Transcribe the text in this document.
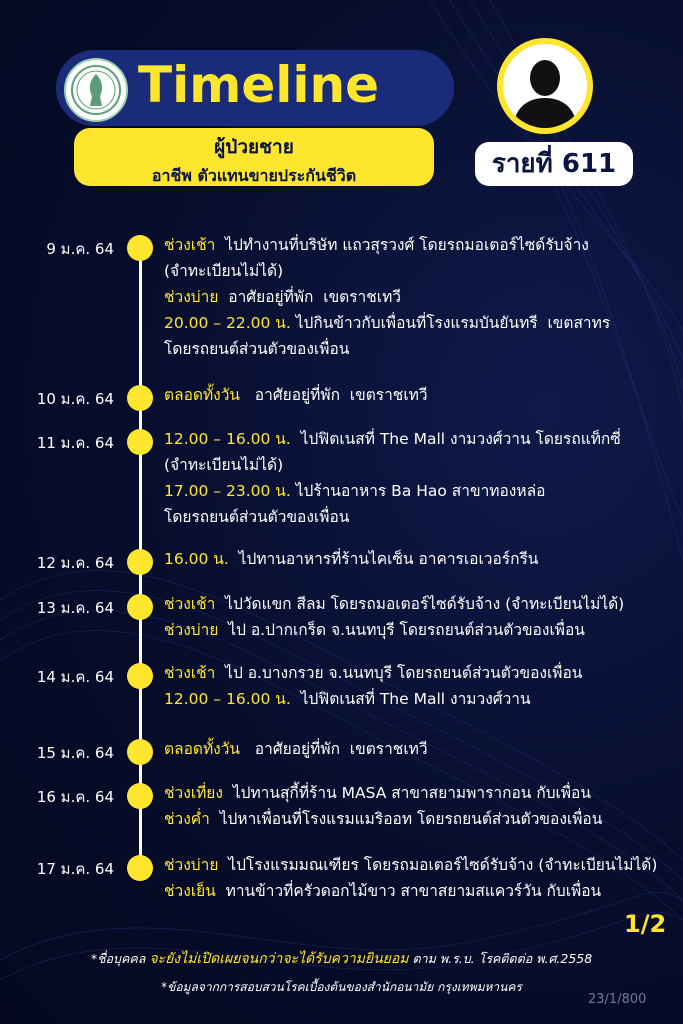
Timeline
ผู้ป่วยชาย
อาชีพ ตัวแทนขายประกันชีวิต	รายที่ 611
9 ม.ค. 64	ช่วงเช้า  ไปทำงานที่บริษัท แถวสุรวงศ์ โดยรถมอเตอร์ไซด์รับจ้าง
(จำทะเบียนไม่ได้)
ช่วงบ่าย  อาศัยอยู่ที่พัก  เขตราชเทวี
20.00 – 22.00 น. ไปกินข้าวกับเพื่อนที่โรงแรมบันยันทรี  เขตสาทร
โดยรถยนต์ส่วนตัวของเพื่อน
10 ม.ค. 64	ตลอดทั้งวัน   อาศัยอยู่ที่พัก  เขตราชเทวี
11 ม.ค. 64	12.00 – 16.00 น.  ไปฟิตเนสที่ The Mall งามวงศ์วาน โดยรถแท็กซี่
(จำทะเบียนไม่ได้)
17.00 – 23.00 น. ไปร้านอาหาร Ba Hao สาขาทองหล่อ
โดยรถยนต์ส่วนตัวของเพื่อน
12 ม.ค. 64	16.00 น.  ไปทานอาหารที่ร้านไคเซ็น อาคารเอเวอร์กรีน
13 ม.ค. 64	ช่วงเช้า  ไปวัดแขก สีลม โดยรถมอเตอร์ไซด์รับจ้าง (จำทะเบียนไม่ได้)
ช่วงบ่าย  ไป อ.ปากเกร็ด จ.นนทบุรี โดยรถยนต์ส่วนตัวของเพื่อน
14 ม.ค. 64	ช่วงเช้า  ไป อ.บางกรวย จ.นนทบุรี โดยรถยนต์ส่วนตัวของเพื่อน
12.00 – 16.00 น.  ไปฟิตเนสที่ The Mall งามวงศ์วาน
15 ม.ค. 64	ตลอดทั้งวัน   อาศัยอยู่ที่พัก  เขตราชเทวี
16 ม.ค. 64	ช่วงเที่ยง  ไปทานสุกี้ที่ร้าน MASA สาขาสยามพารากอน กับเพื่อน
ช่วงค่ำ  ไปหาเพื่อนที่โรงแรมแมริออท โดยรถยนต์ส่วนตัวของเพื่อน
17 ม.ค. 64	ช่วงบ่าย  ไปโรงแรมมณเฑียร โดยรถมอเตอร์ไซด์รับจ้าง (จำทะเบียนไม่ได้)
ช่วงเย็น  ทานข้าวที่ครัวดอกไม้ขาว สาขาสยามสแควร์วัน กับเพื่อน
1/2
*ชื่อบุคคล จะยังไม่เปิดเผยจนกว่าจะได้รับความยินยอม ตาม พ.ร.บ. โรคติดต่อ พ.ศ.2558
*ข้อมูลจากการสอบสวนโรคเบื้องต้นของสำนักอนามัย กรุงเทพมหานคร
23/1/800
